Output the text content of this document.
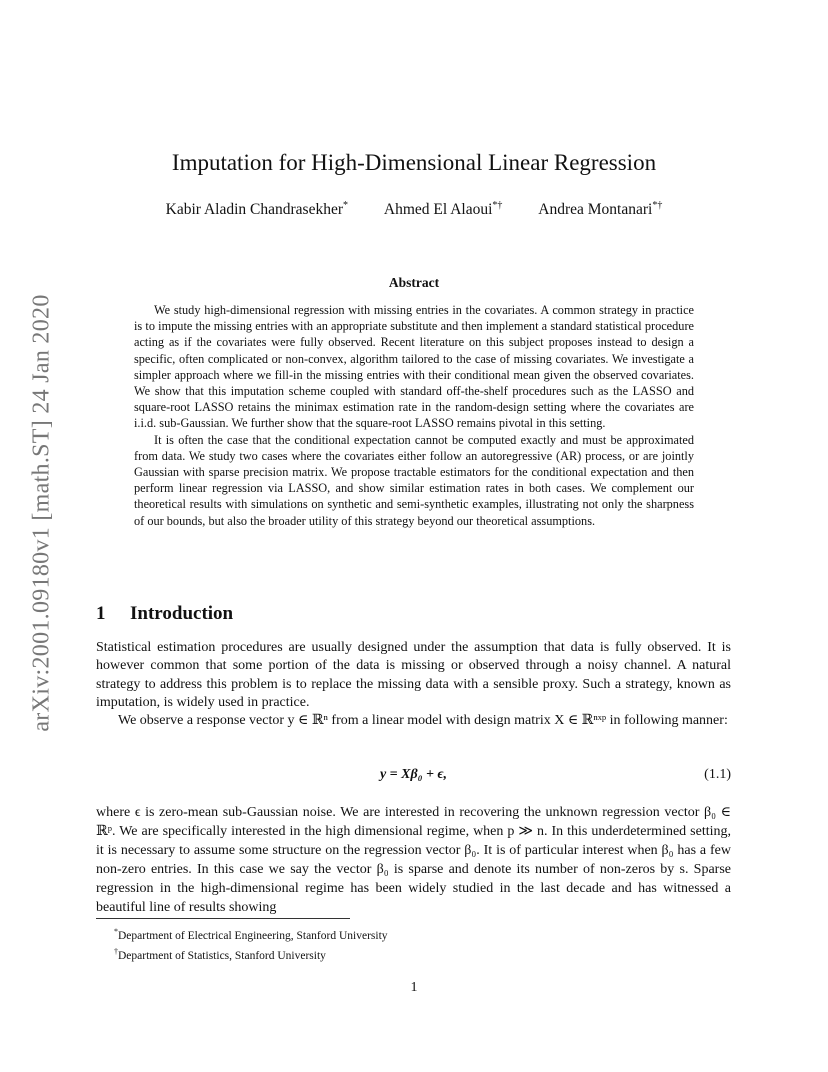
arXiv:2001.09180v1 [math.ST] 24 Jan 2020
Imputation for High-Dimensional Linear Regression
Kabir Aladin Chandrasekher* Ahmed El Alaoui*† Andrea Montanari*†
Abstract

We study high-dimensional regression with missing entries in the covariates. A common strategy in practice is to impute the missing entries with an appropriate substitute and then implement a standard statistical procedure acting as if the covariates were fully observed. Recent literature on this subject proposes instead to design a specific, often complicated or non-convex, algorithm tailored to the case of missing covariates. We investigate a simpler approach where we fill-in the missing entries with their conditional mean given the observed covariates. We show that this imputation scheme coupled with standard off-the-shelf procedures such as the LASSO and square-root LASSO retains the minimax estimation rate in the random-design setting where the covariates are i.i.d. sub-Gaussian. We further show that the square-root LASSO remains pivotal in this setting.

It is often the case that the conditional expectation cannot be computed exactly and must be approximated from data. We study two cases where the covariates either follow an autoregressive (AR) process, or are jointly Gaussian with sparse precision matrix. We propose tractable estimators for the conditional expectation and then perform linear regression via LASSO, and show similar estimation rates in both cases. We complement our theoretical results with simulations on synthetic and semi-synthetic examples, illustrating not only the sharpness of our bounds, but also the broader utility of this strategy beyond our theoretical assumptions.

1 Introduction

Statistical estimation procedures are usually designed under the assumption that data is fully observed. It is however common that some portion of the data is missing or observed through a noisy channel. A natural strategy to address this problem is to replace the missing data with a sensible proxy. Such a strategy, known as imputation, is widely used in practice.

We observe a response vector y ∈ ℝⁿ from a linear model with design matrix X ∈ ℝⁿˣᵖ in following manner:

y = Xβ₀ + ϵ,	(1.1)

where ϵ is zero-mean sub-Gaussian noise. We are interested in recovering the unknown regression vector β₀ ∈ ℝᵖ. We are specifically interested in the high dimensional regime, when p ≫ n. In this underdetermined setting, it is necessary to assume some structure on the regression vector β₀. It is of particular interest when β₀ has a few non-zero entries. In this case we say the vector β₀ is sparse and denote its number of non-zeros by s. Sparse regression in the high-dimensional regime has been widely studied in the last decade and has witnessed a beautiful line of results showing

*Department of Electrical Engineering, Stanford University
†Department of Statistics, Stanford University
1
